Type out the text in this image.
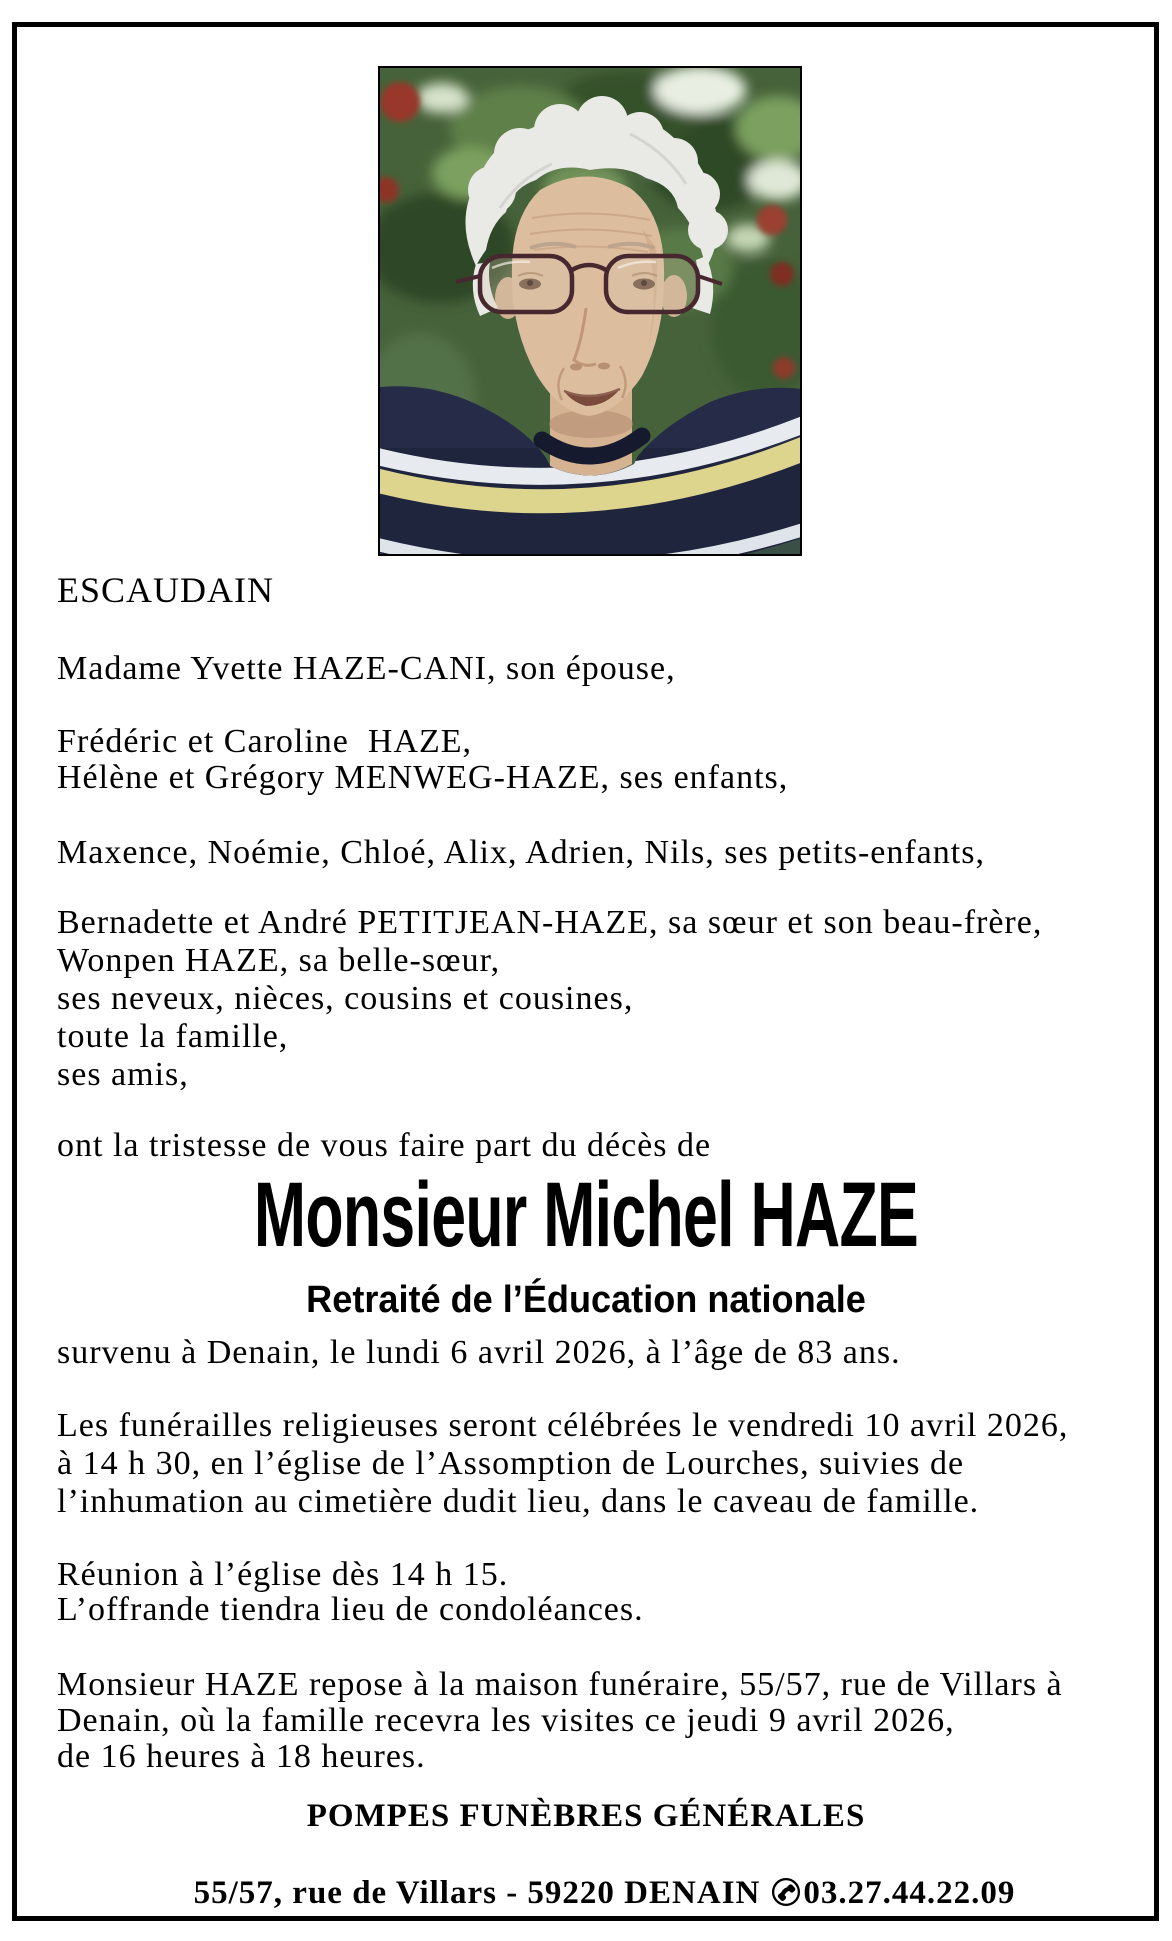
ESCAUDAIN
Madame Yvette HAZE-CANI, son épouse,
Frédéric et Caroline  HAZE,
Hélène et Grégory MENWEG-HAZE, ses enfants,
Maxence, Noémie, Chloé, Alix, Adrien, Nils, ses petits-enfants,
Bernadette et André PETITJEAN-HAZE, sa sœur et son beau-frère,
Wonpen HAZE, sa belle-sœur,
ses neveux, nièces, cousins et cousines,
toute la famille,
ses amis,
ont la tristesse de vous faire part du décès de
Monsieur Michel HAZE
Retraité de l’Éducation nationale
survenu à Denain, le lundi 6 avril 2026, à l’âge de 83 ans.
Les funérailles religieuses seront célébrées le vendredi 10 avril 2026,
à 14 h 30, en l’église de l’Assomption de Lourches, suivies de
l’inhumation au cimetière dudit lieu, dans le caveau de famille.
Réunion à l’église dès 14 h 15.
L’offrande tiendra lieu de condoléances.
Monsieur HAZE repose à la maison funéraire, 55/57, rue de Villars à
Denain, où la famille recevra les visites ce jeudi 9 avril 2026,
de 16 heures à 18 heures.
POMPES FUNÈBRES GÉNÉRALES

55/57, rue de Villars - 59220 DENAIN 03.27.44.22.09
